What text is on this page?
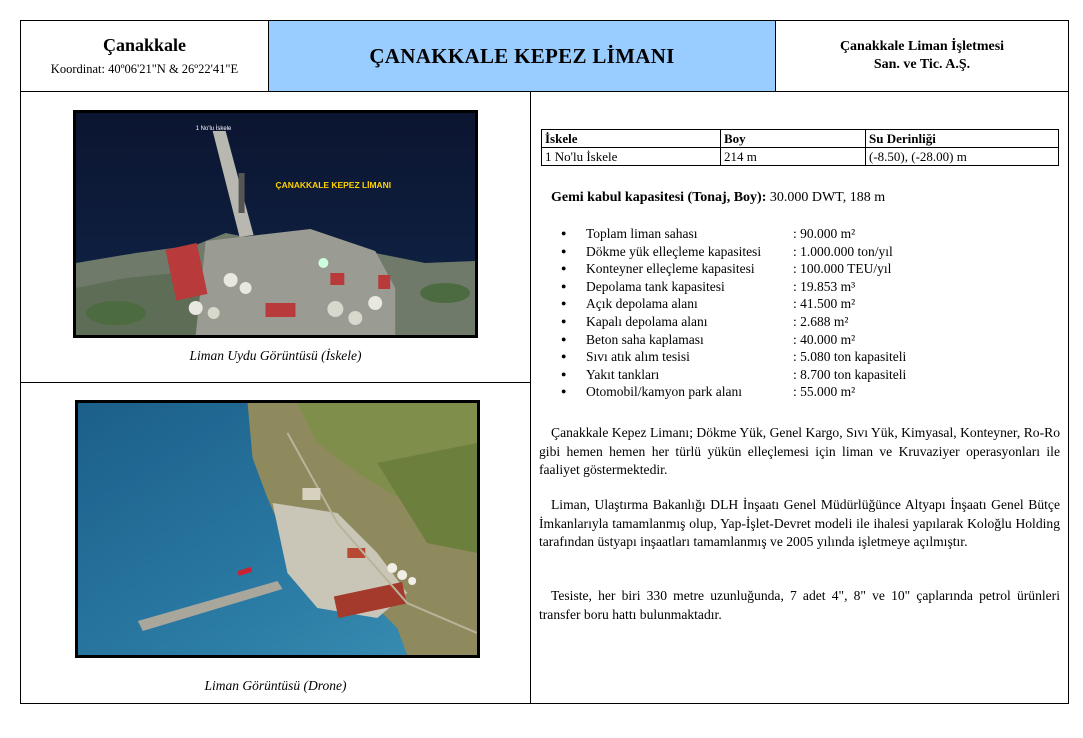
Çanakkale
Koordinat: 40º06'21"N & 26º22'41"E
ÇANAKKALE KEPEZ LİMANI	Çanakkale Liman İşletmesi
San. ve Tic. A.Ş.
1 No'lu İskele
ÇANAKKALE KEPEZ LİMANI
Liman Uydu Görüntüsü (İskele)
Liman Görüntüsü (Drone)
İskele	Boy	Su Derinliği
1 No'lu İskele	214 m	(-8.50), (-28.00) m
Gemi kabul kapasitesi (Tonaj, Boy): 30.000 DWT, 188 m
● Toplam liman sahası	: 90.000 m²
● Dökme yük elleçleme kapasitesi : 1.000.000 ton/yıl
● Konteyner elleçleme kapasitesi	: 100.000 TEU/yıl
● Depolama tank kapasitesi	: 19.853 m³
● Açık depolama alanı	: 41.500 m²
● Kapalı depolama alanı	: 2.688 m²
● Beton saha kaplaması	: 40.000 m²
● Sıvı atık alım tesisi	: 5.080 ton kapasiteli
● Yakıt tankları	: 8.700 ton kapasiteli
● Otomobil/kamyon park alanı	: 55.000 m²

Çanakkale Kepez Limanı; Dökme Yük, Genel Kargo, Sıvı Yük, Kimyasal, Konteyner, Ro-Ro gibi hemen hemen her türlü yükün elleçlemesi için liman ve Kruvaziyer operasyonları ile faaliyet göstermektedir.

Liman, Ulaştırma Bakanlığı DLH İnşaatı Genel Müdürlüğünce Altyapı İnşaatı Genel Bütçe İmkanlarıyla tamamlanmış olup, Yap-İşlet-Devret modeli ile ihalesi yapılarak Koloğlu Holding tarafından üstyapı inşaatları tamamlanmış ve 2005 yılında işletmeye açılmıştır.

Tesiste, her biri 330 metre uzunluğunda, 7 adet 4", 8" ve 10" çaplarında petrol ürünleri transfer boru hattı bulunmaktadır.
